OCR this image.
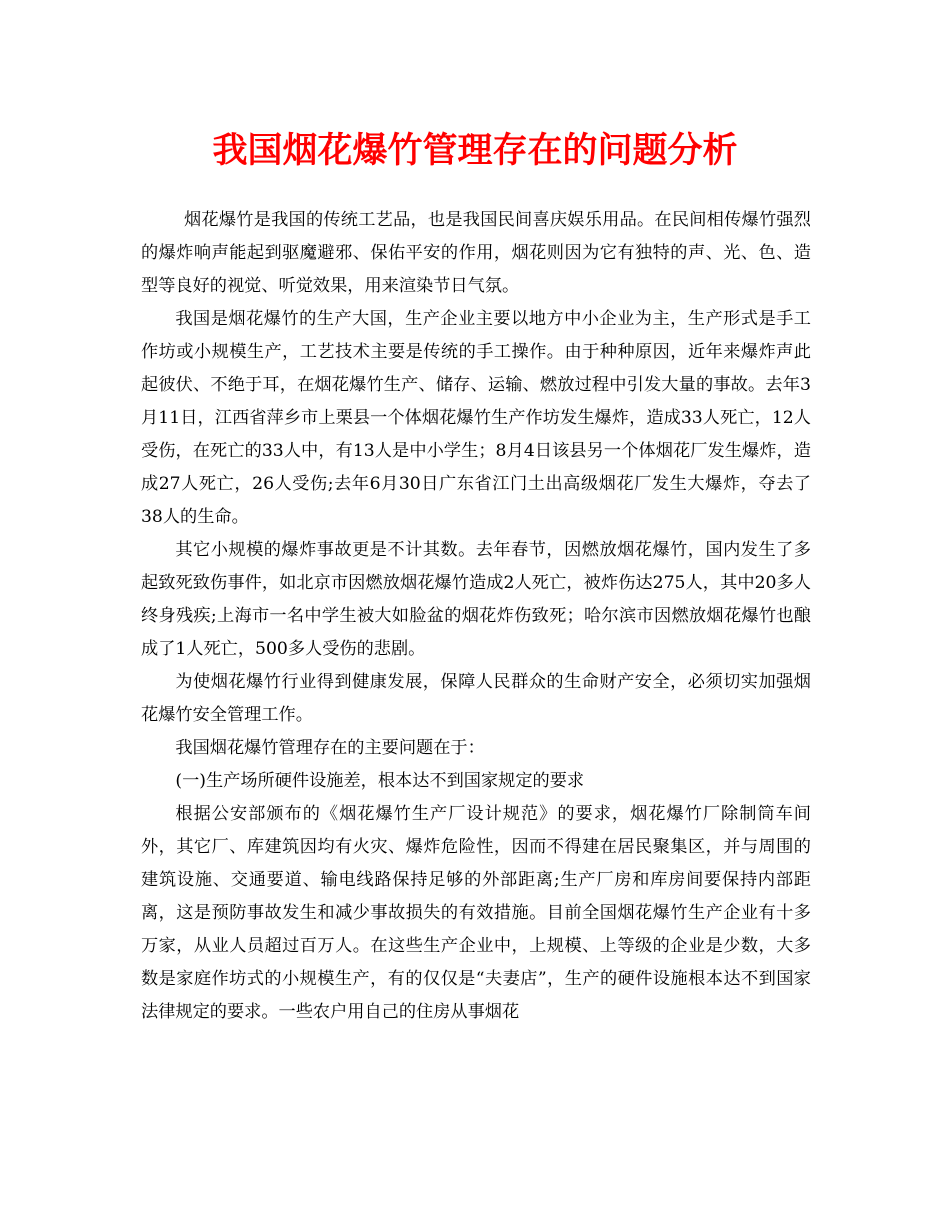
我国烟花爆竹管理存在的问题分析

烟花爆竹是我国的传统工艺品，也是我国民间喜庆娱乐用品。在民间相传爆竹强烈的爆炸响声能起到驱魔避邪、保佑平安的作用，烟花则因为它有独特的声、光、色、造型等良好的视觉、听觉效果，用来渲染节日气氛。

我国是烟花爆竹的生产大国，生产企业主要以地方中小企业为主，生产形式是手工作坊或小规模生产，工艺技术主要是传统的手工操作。由于种种原因，近年来爆炸声此起彼伏、不绝于耳，在烟花爆竹生产、储存、运输、燃放过程中引发大量的事故。去年3月11日，江西省萍乡市上栗县一个体烟花爆竹生产作坊发生爆炸，造成33人死亡，12人受伤，在死亡的33人中，有13人是中小学生；8月4日该县另一个体烟花厂发生爆炸，造成27人死亡，26人受伤;去年6月30日广东省江门土出高级烟花厂发生大爆炸，夺去了38人的生命。

其它小规模的爆炸事故更是不计其数。去年春节，因燃放烟花爆竹，国内发生了多起致死致伤事件，如北京市因燃放烟花爆竹造成2人死亡，被炸伤达275人，其中20多人终身残疾;上海市一名中学生被大如脸盆的烟花炸伤致死；哈尔滨市因燃放烟花爆竹也酿成了1人死亡，500多人受伤的悲剧。

为使烟花爆竹行业得到健康发展，保障人民群众的生命财产安全，必须切实加强烟花爆竹安全管理工作。

我国烟花爆竹管理存在的主要问题在于：

(一)生产场所硬件设施差，根本达不到国家规定的要求

根据公安部颁布的《烟花爆竹生产厂设计规范》的要求，烟花爆竹厂除制筒车间外，其它厂、库建筑因均有火灾、爆炸危险性，因而不得建在居民聚集区，并与周围的建筑设施、交通要道、输电线路保持足够的外部距离;生产厂房和库房间要保持内部距离，这是预防事故发生和减少事故损失的有效措施。目前全国烟花爆竹生产企业有十多万家，从业人员超过百万人。在这些生产企业中，上规模、上等级的企业是少数，大多数是家庭作坊式的小规模生产，有的仅仅是“夫妻店”，生产的硬件设施根本达不到国家法律规定的要求。一些农户用自己的住房从事烟花
